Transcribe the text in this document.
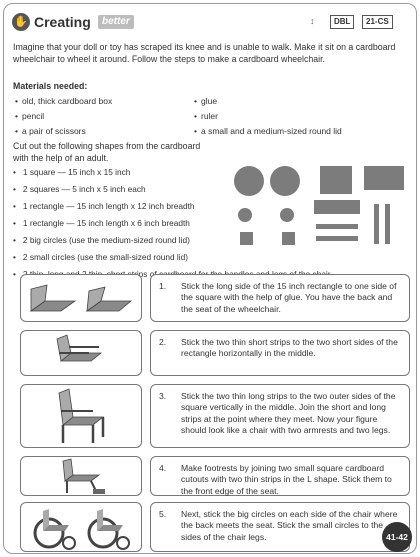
✋ Creating	better	↕	DBL	21-CS

Imagine that your doll or toy has scraped its knee and is unable to walk. Make it sit on a cardboard wheelchair to wheel it around. Follow the steps to make a cardboard wheelchair.

Materials needed:
• old, thick cardboard box
• pencil
• a pair of scissors
• glue
• ruler
• a small and a medium-sized round lid

Cut out the following shapes from the cardboard with the help of an adult.

• 1 square — 15 inch x 15 inch
• 2 squares — 5 inch x 5 inch each
• 1 rectangle — 15 inch length x 12 inch breadth
• 1 rectangle — 15 inch length x 6 inch breadth
• 2 big circles (use the medium-sized round lid)
• 2 small circles (use the small-sized round lid)
•
1. Stick the long side of the 15 inch rectangle to one side of the square with the help of glue. You have the back and the seat of the wheelchair.

2. Stick the two thin short strips to the two short sides of the rectangle horizontally in the middle.

3. Stick the two thin long strips to the two outer sides of the square vertically in the middle. Join the short and long strips at the point where they meet. Now your figure should look like a chair with two armrests and two legs.

4. Make footrests by joining two small square cardboard cutouts with two thin strips in the L shape. Stick them to the front edge of the seat.

5. Next, stick the big circles on each side of the chair where the back meets the seat. Stick the small circles to the sides of the chair legs.	41-42
